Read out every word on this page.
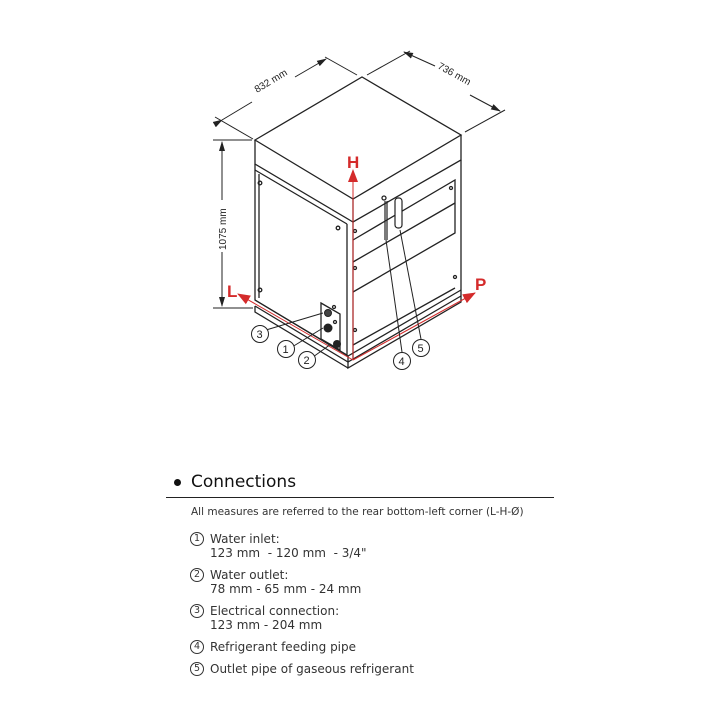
H
L	P
832 mm	736 mm
1075 mm
3
1
2	4
5
Connections
All measures are referred to the rear bottom-left corner (L-H-Ø)
1 Water inlet:
123 mm  - 120 mm  - 3/4"
2 Water outlet:
78 mm - 65 mm - 24 mm
3 Electrical connection:
123 mm - 204 mm
4 Refrigerant feeding pipe
5 Outlet pipe of gaseous refrigerant
